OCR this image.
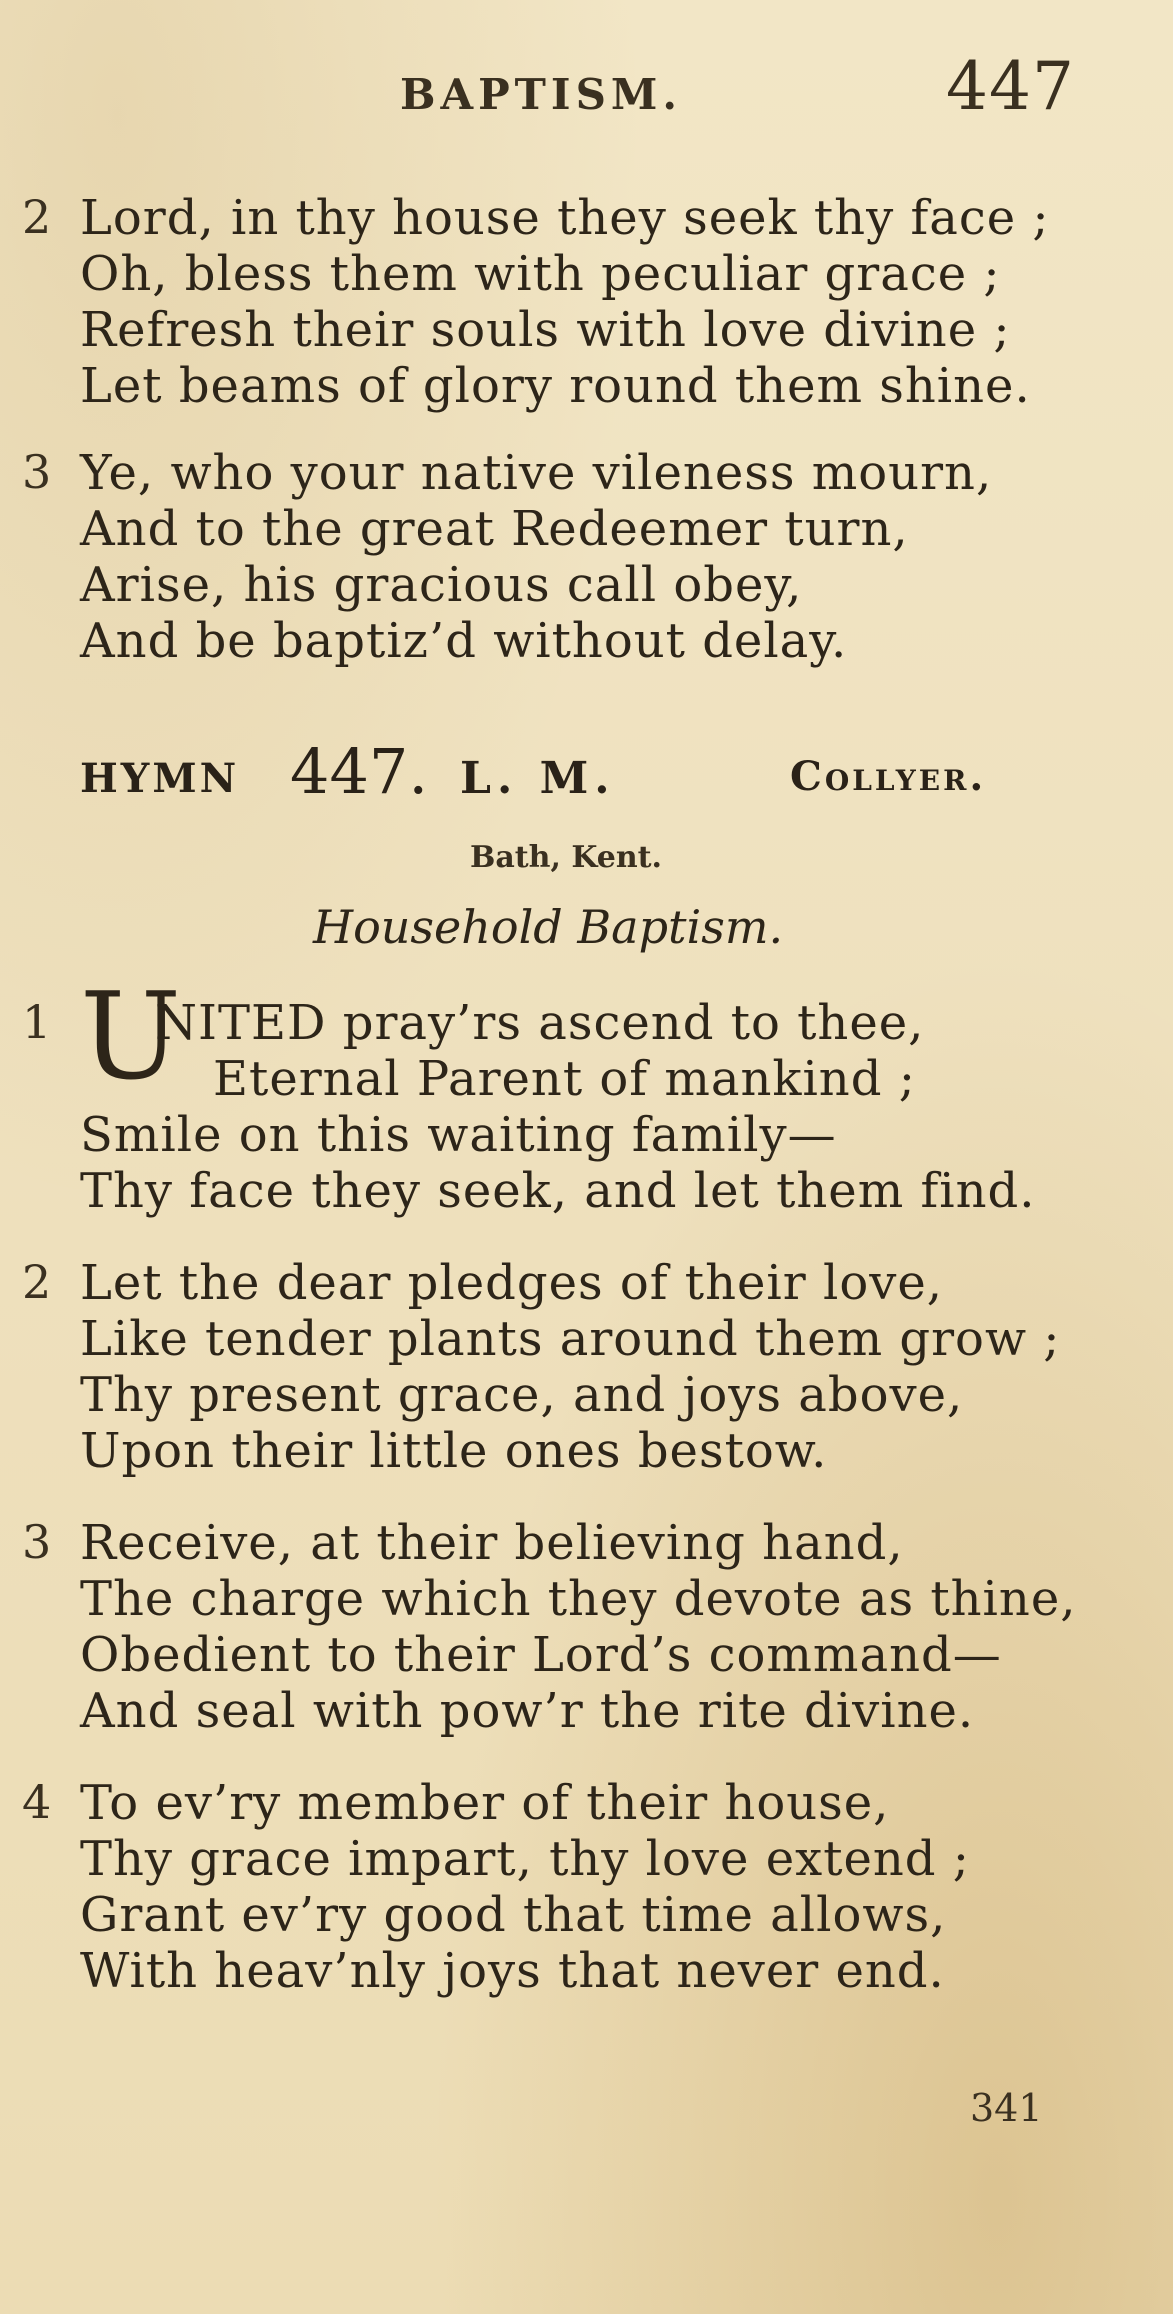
BAPTISM.	447
2 Lord, in thy house they seek thy face ;
Oh, bless them with peculiar grace ;
Refresh their souls with love divine ;
Let beams of glory round them shine.
3 Ye, who your native vileness mourn,
And to the great Redeemer turn,
Arise, his gracious call obey,
And be baptiz’d without delay.
HYMN 447. L. M.	Collyer.
Bath, Kent.
Household Baptism.
1 NITED pray’rs ascend to thee,
Eternal Parent of mankind ;
Smile on this waiting family—
Thy face they seek, and let them find.
U
2 Let the dear pledges of their love,
Like tender plants around them grow ;
Thy present grace, and joys above,
Upon their little ones bestow.
3 Receive, at their believing hand,
The charge which they devote as thine,
Obedient to their Lord’s command—
And seal with pow’r the rite divine.
4 To ev’ry member of their house,
Thy grace impart, thy love extend ;
Grant ev’ry good that time allows,
With heav’nly joys that never end.
341
